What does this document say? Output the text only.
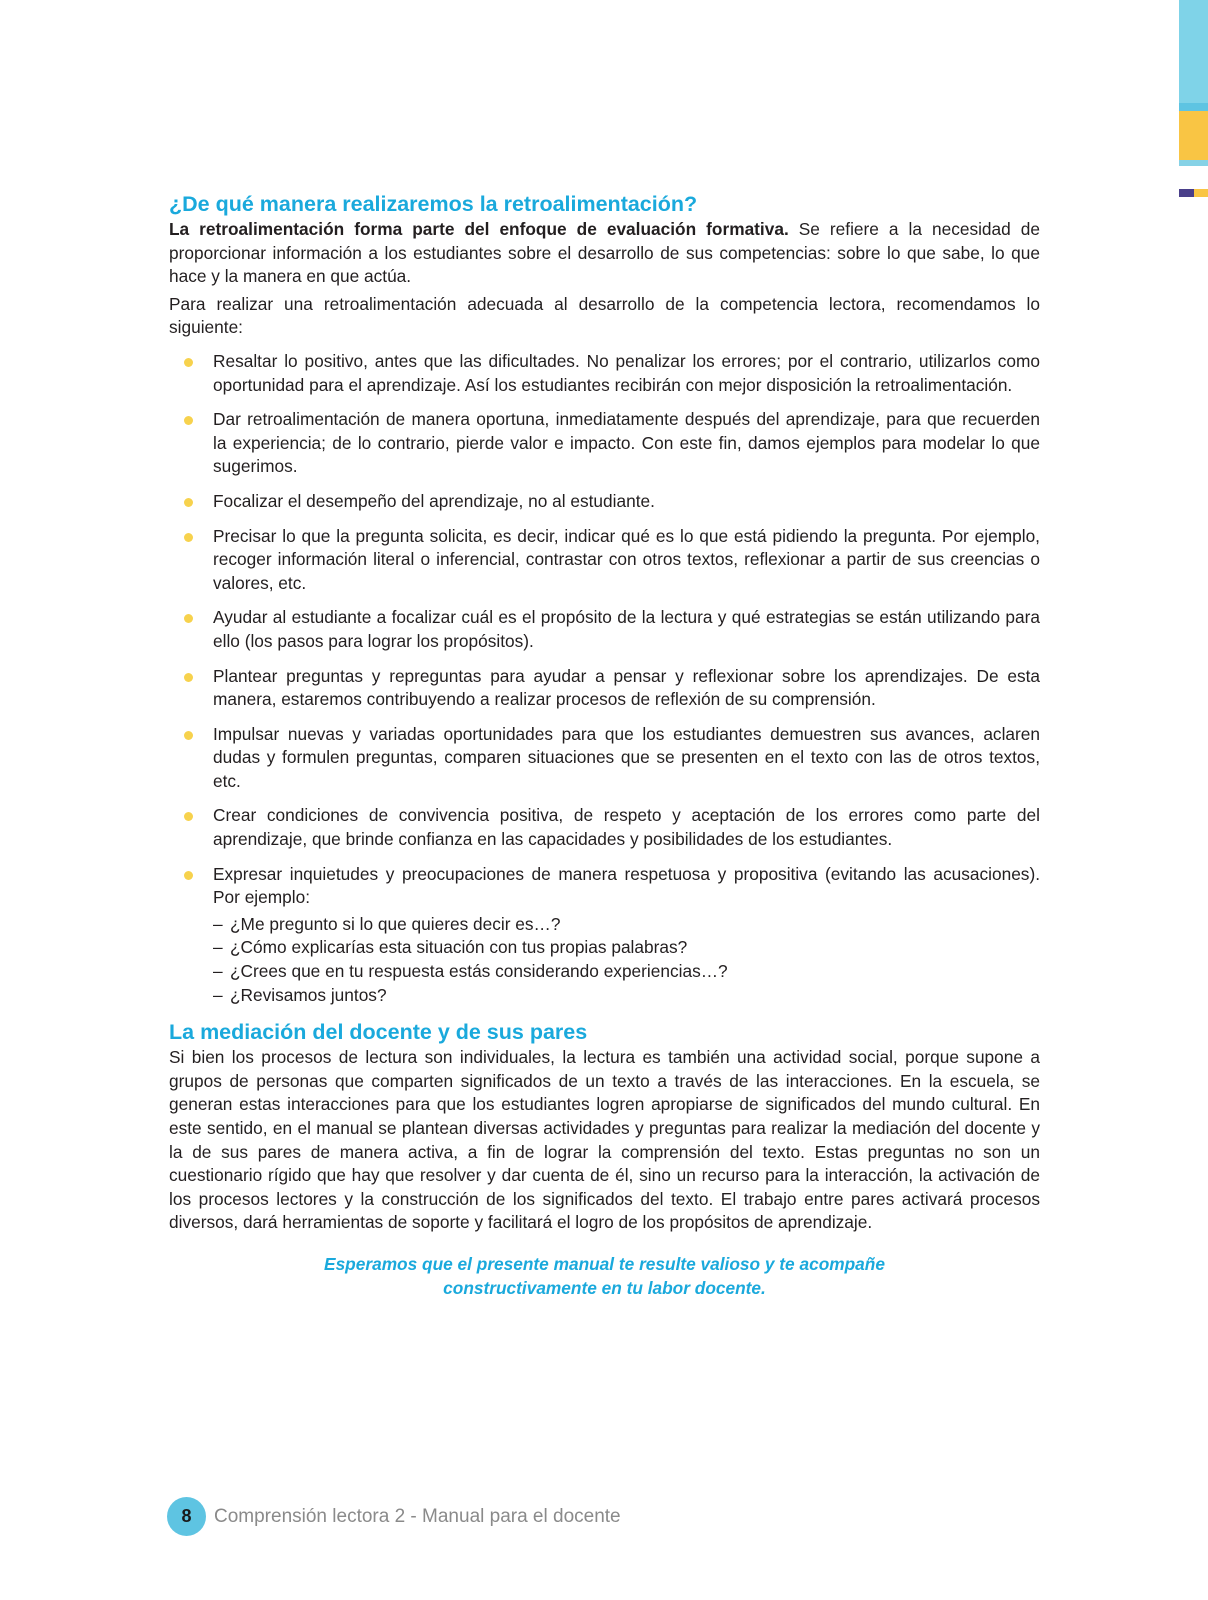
¿De qué manera realizaremos la retroalimentación?

La retroalimentación forma parte del enfoque de evaluación formativa. Se refiere a la necesidad de proporcionar información a los estudiantes sobre el desarrollo de sus competencias: sobre lo que sabe, lo que hace y la manera en que actúa.

Para realizar una retroalimentación adecuada al desarrollo de la competencia lectora, recomendamos lo siguiente:

Resaltar lo positivo, antes que las dificultades. No penalizar los errores; por el contrario, utilizarlos como oportunidad para el aprendizaje. Así los estudiantes recibirán con mejor disposición la retroalimentación.
Dar retroalimentación de manera oportuna, inmediatamente después del aprendizaje, para que recuerden la experiencia; de lo contrario, pierde valor e impacto. Con este fin, damos ejemplos para modelar lo que sugerimos.
Focalizar el desempeño del aprendizaje, no al estudiante.
Precisar lo que la pregunta solicita, es decir, indicar qué es lo que está pidiendo la pregunta. Por ejemplo, recoger información literal o inferencial, contrastar con otros textos, reflexionar a partir de sus creencias o valores, etc.
Ayudar al estudiante a focalizar cuál es el propósito de la lectura y qué estrategias se están utilizando para ello (los pasos para lograr los propósitos).
Plantear preguntas y repreguntas para ayudar a pensar y reflexionar sobre los aprendizajes. De esta manera, estaremos contribuyendo a realizar procesos de reflexión de su comprensión.
Impulsar nuevas y variadas oportunidades para que los estudiantes demuestren sus avances, aclaren dudas y formulen preguntas, comparen situaciones que se presenten en el texto con las de otros textos, etc.
Crear condiciones de convivencia positiva, de respeto y aceptación de los errores como parte del aprendizaje, que brinde confianza en las capacidades y posibilidades de los estudiantes.
Expresar inquietudes y preocupaciones de manera respetuosa y propositiva (evitando las acusaciones). Por ejemplo:
– ¿Me pregunto si lo que quieres decir es…?
– ¿Cómo explicarías esta situación con tus propias palabras?
– ¿Crees que en tu respuesta estás considerando experiencias…?
– ¿Revisamos juntos?
La mediación del docente y de sus pares

Si bien los procesos de lectura son individuales, la lectura es también una actividad social, porque supone a grupos de personas que comparten significados de un texto a través de las interacciones. En la escuela, se generan estas interacciones para que los estudiantes logren apropiarse de significados del mundo cultural. En este sentido, en el manual se plantean diversas actividades y preguntas para realizar la mediación del docente y la de sus pares de manera activa, a fin de lograr la comprensión del texto. Estas preguntas no son un cuestionario rígido que hay que resolver y dar cuenta de él, sino un recurso para la interacción, la activación de los procesos lectores y la construcción de los significados del texto. El trabajo entre pares activará procesos diversos, dará herramientas de soporte y facilitará el logro de los propósitos de aprendizaje.

Esperamos que el presente manual te resulte valioso y te acompañe
constructivamente en tu labor docente.
8	Comprensión lectora 2 - Manual para el docente
